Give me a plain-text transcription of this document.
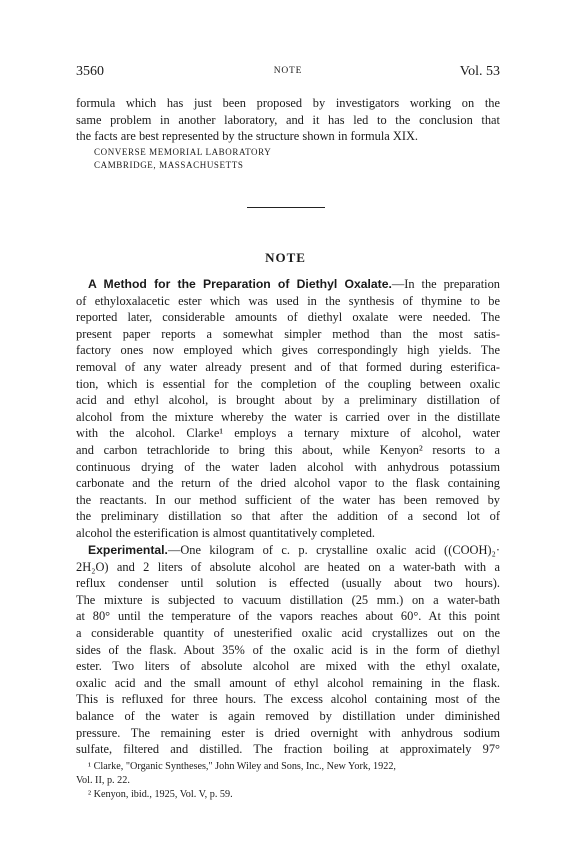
3560	NOTE	Vol. 53
formula which has just been proposed by investigators working on the
same problem in another laboratory, and it has led to the conclusion that
the facts are best represented by the structure shown in formula XIX.
CONVERSE MEMORIAL LABORATORY
CAMBRIDGE, MASSACHUSETTS
NOTE
A Method for the Preparation of Diethyl Oxalate.—In the preparation
of ethyloxalacetic ester which was used in the synthesis of thymine to be
reported later, considerable amounts of diethyl oxalate were needed. The
present paper reports a somewhat simpler method than the most satis-
factory ones now employed which gives correspondingly high yields. The
removal of any water already present and of that formed during esterifica-
tion, which is essential for the completion of the coupling between oxalic
acid and ethyl alcohol, is brought about by a preliminary distillation of
alcohol from the mixture whereby the water is carried over in the distillate
with the alcohol. Clarke¹ employs a ternary mixture of alcohol, water
and carbon tetrachloride to bring this about, while Kenyon² resorts to a
continuous drying of the water laden alcohol with anhydrous potassium
carbonate and the return of the dried alcohol vapor to the flask containing
the reactants. In our method sufficient of the water has been removed by
the preliminary distillation so that after the addition of a second lot of
alcohol the esterification is almost quantitatively completed.
Experimental.—One kilogram of c. p. crystalline oxalic acid ((COOH)₂·
2H₂O) and 2 liters of absolute alcohol are heated on a water-bath with a
reflux condenser until solution is effected (usually about two hours).
The mixture is subjected to vacuum distillation (25 mm.) on a water-bath
at 80° until the temperature of the vapors reaches about 60°. At this point
a considerable quantity of unesterified oxalic acid crystallizes out on the
sides of the flask. About 35% of the oxalic acid is in the form of diethyl
ester. Two liters of absolute alcohol are mixed with the ethyl oxalate,
oxalic acid and the small amount of ethyl alcohol remaining in the flask.
This is refluxed for three hours. The excess alcohol containing most of the
balance of the water is again removed by distillation under diminished
pressure. The remaining ester is dried overnight with anhydrous sodium
sulfate, filtered and distilled. The fraction boiling at approximately 97°
¹ Clarke, "Organic Syntheses," John Wiley and Sons, Inc., New York, 1922,
Vol. II, p. 22.
² Kenyon, ibid., 1925, Vol. V, p. 59.
